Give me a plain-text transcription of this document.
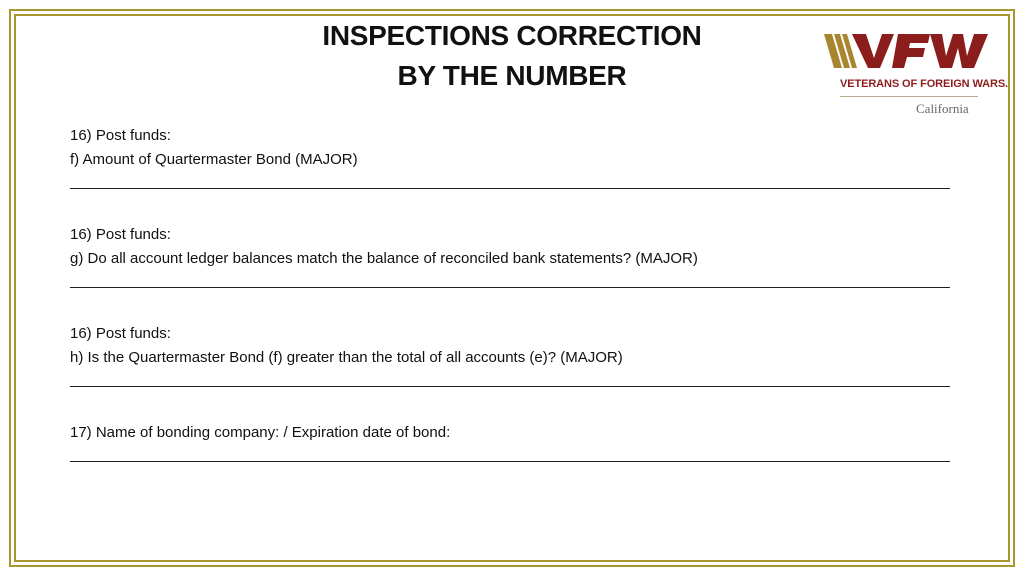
INSPECTIONS CORRECTION
BY THE NUMBER	VETERANS OF FOREIGN WARS.
California
16) Post funds:
f) Amount of Quartermaster Bond (MAJOR)
16) Post funds:
g) Do all account ledger balances match the balance of reconciled bank statements? (MAJOR)
16) Post funds:
h) Is the Quartermaster Bond (f) greater than the total of all accounts (e)? (MAJOR)
17) Name of bonding company: / Expiration date of bond:
